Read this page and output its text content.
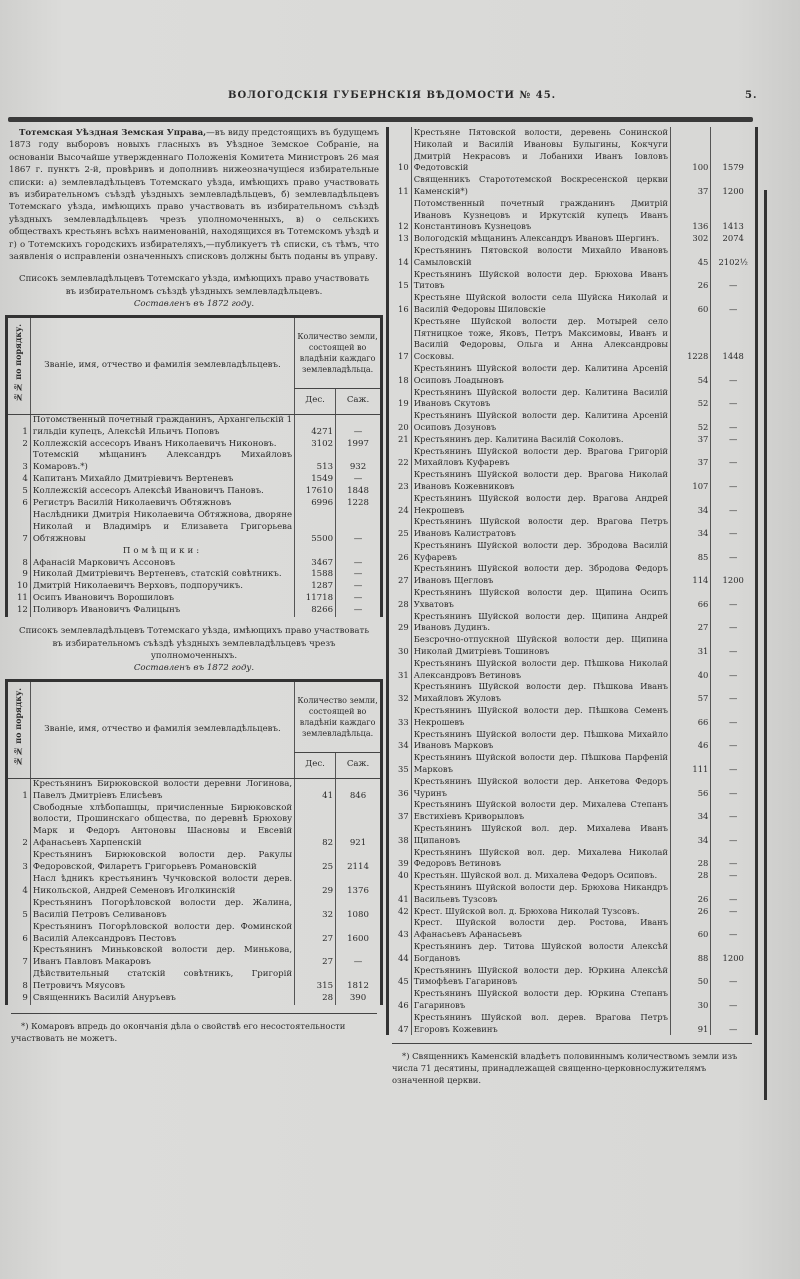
ВОЛОГОДСКІЯ ГУБЕРНСКІЯ ВѢДОМОСТИ № 45.	5.
Тотемская Уѣздная Земская Управа,—въ виду предстоящихъ въ будущемъ 1873 году выборовъ новыхъ гласныхъ въ Уѣздное Земское Собраніе, на основаніи Высочайше утвержденнаго Положенія Комитета Министровъ 26 мая 1867 г. пунктъ 2-й, провѣривъ и дополнивъ нижеозначущіеся избирательные списки: а) землевладѣльцевъ Тотемскаго уѣзда, имѣющихъ право участвовать въ избирательномъ съѣздѣ уѣздныхъ землевладѣльцевъ, б) землевладѣльцевъ Тотемскаго уѣзда, имѣющихъ право участвовать въ избирательномъ съѣздѣ уѣздныхъ землевладѣльцевъ чрезъ уполномоченныхъ, в) о сельскихъ обществахъ крестьянъ всѣхъ наименованій, находящихся въ Тотемскомъ уѣздѣ и г) о Тотемскихъ городскихъ избирателяхъ,—публикуетъ тѣ списки, съ тѣмъ, что заявленія о исправленіи означенныхъ списковъ должны быть поданы въ управу.
Списокъ землевладѣльцевъ Тотемскаго уѣзда, имѣющихъ право участвовать въ избирательномъ съѣздѣ уѣздныхъ землевладѣльцевъ.
Составленъ въ 1872 году.
№№ по порядку.	Званіе, имя, отчество и фамилія землевладѣльцевъ.	Количество земли, состоящей во владѣніи каждаго землевладѣльца.	
		Дес.	Саж.
1	Потомственный почетный гражданинъ, Архангельскій 1 гильдіи купецъ, Алексѣй Ильичъ Поповъ	4271	—
2	Коллежскій ассесоръ Иванъ Николаевичъ Никоновъ.	3102	1997
3	Тотемскій мѣщанинъ Александръ Михайловъ Комаровъ.*)	513	932
4	Капитанъ Михайло Дмитріевичъ Вертеневъ	1549	—
5	Коллежскій ассесоръ Алексѣй Ивановичъ Пановъ.	17610	1848
6	Регистръ Василій Николаевичъ Обтяжновъ	6996	1228
7	Наслѣдники Дмитрія Николаевича Обтяжнова, дворяне Николай и Владиміръ и Елизавета Григорьева Обтяжновы	5500	—
	Помѣщики:		
8	Афанасій Марковичъ Ассоновъ	3467	—
9	Николай Дмитріевичъ Вертеневъ, статскій совѣтникъ.	1588	—
10	Дмитрій Николаевичъ Верховъ, подпоручикъ.	1287	—
11	Осипъ Ивановичъ Ворошиловъ	11718	—
12	Поливоръ Ивановичъ Фалицынъ	8266	—
Списокъ землевладѣльцевъ Тотемскаго уѣзда, имѣющихъ право участвовать въ избирательномъ съѣздѣ уѣздныхъ землевладѣльцевъ чрезъ уполномоченныхъ.
Составленъ въ 1872 году.
№№ по порядку.	Званіе, имя, отчество и фамилія землевладѣльцевъ.	Количество земли, состоящей во владѣніи каждаго землевладѣльца.	
		Дес.	Саж.
1	Крестьянинъ Бирюковской волости деревни Логинова, Павелъ Дмитріевъ Елисѣевъ	41	846
2	Свободные хлѣбопашцы, причисленные Бирюковской волости, Прошинскаго общества, по деревнѣ Брюхову Марк и Федоръ Антоновы Шасновы и Евсевій Афанасьевъ Харпенскій	82	921
3	Крестьянинъ Бирюковской волости дер. Ракулы Федоровской, Филаретъ Григорьевъ Романовскій	25	2114
4	Насл ѣдникъ крестьянинъ Чучковской волости дерев. Никольской, Андрей Семеновъ Иголкинскій	29	1376
5	Крестьянинъ Погорѣловской волости дер. Жалина, Василій Петровъ Селивановъ	32	1080
6	Крестьянинъ Погорѣловской волости дер. Фоминской Василій Александровъ Пестовъ	27	1600
7	Крестьянинъ Миньковской волости дер. Минькова, Иванъ Павловъ Макаровъ	27	—
8	Дѣйствительный статскій совѣтникъ, Григорій Петровичъ Мяусовъ	315	1812
9	Священникъ Василій Ануръевъ	28	390
*) Комаровъ впредь до окончанія дѣла о свойствѣ его несостоятельности участвовать не можетъ.
10	Крестьяне Пятовской волости, деревень Сонинской Николай и Василій Ивановы Булыгины, Кокчуги Дмитрій Некрасовъ и Лобанихи Иванъ Іовловъ Федотовскій	100	1579
11	Священникъ Старототемской Воскресенской церкви Каменскій*)	37	1200
12	Потомственный почетный гражданинъ Дмитрій Ивановъ Кузнецовъ и Иркутскій купецъ Иванъ Константиновъ Кузнецовъ	136	1413
13	Вологодскій мѣщанинъ Александръ Ивановъ Шергинъ.	302	2074
14	Крестьянинъ Пятовской волости Михайло Ивановъ Самыловскій	45	2102½
15	Крестьянинъ Шуйской волости дер. Брюхова Иванъ Титовъ	26	—
16	Крестьяне Шуйской волости села Шуйска Николай и Василій Федоровы Шиловскіе	60	—
17	Крестьяне Шуйской волости дер. Мотырей село Пятницкое тоже, Яковъ, Петръ Максимовы, Иванъ и Василій Федоровы, Ольга и Анна Александровы Сосковы.	1228	1448
18	Крестьянинъ Шуйской волости дер. Калитина Арсеній Осиповъ Лоадыновъ	54	—
19	Крестьянинъ Шуйской волости дер. Калитина Василій Ивановъ Скутовъ	52	—
20	Крестьянинъ Шуйской волости дер. Калитина Арсеній Осиповъ Дозуновъ	52	—
21	Крестьянинъ дер. Калитина Василій Соколовъ.	37	—
22	Крестьянинъ Шуйской волости дер. Врагова Григорій Михайловъ Куфаревъ	37	—
23	Крестьянинъ Шуйской волости дер. Врагова Николай Ивановъ Кожевниковъ	107	—
24	Крестьянинъ Шуйской волости дер. Врагова Андрей Некрошевъ	34	—
25	Крестьянинъ Шуйской волости дер. Врагова Петръ Ивановъ Калистратовъ	34	—
26	Крестьянинъ Шуйской волости дер. Збродова Василій Куфаревъ	85	—
27	Крестьянинъ Шуйской волости дер. Збродова Федоръ Ивановъ Щегловъ	114	1200
28	Крестьянинъ Шуйской волости дер. Щипина Осипъ Ухватовъ	66	—
29	Крестьянинъ Шуйской волости дер. Щипина Андрей Ивановъ Дудинъ.	27	—
30	Безсрочно-отпускной Шуйской волости дер. Щипина Николай Дмитріевъ Тошиновъ	31	—
31	Крестьянинъ Шуйской волости дер. Пѣшкова Николай Александровъ Ветиновъ	40	—
32	Крестьянинъ Шуйской волости дер. Пѣшкова Иванъ Михайловъ Жуловъ	57	—
33	Крестьянинъ Шуйской волости дер. Пѣшкова Семенъ Некрошевъ	66	—
34	Крестьянинъ Шуйской волости дер. Пѣшкова Михайло Ивановъ Марковъ	46	—
35	Крестьянинъ Шуйской волости дер. Пѣшкова Парфеній Марковъ	111	—
36	Крестьянинъ Шуйской волости дер. Анкетова Федоръ Чуринъ	56	—
37	Крестьянинъ Шуйской волости дер. Михалева Степанъ Евстихіевъ Криворыловъ	34	—
38	Крестьянинъ Шуйской вол. дер. Михалева Иванъ Щипановъ	34	—
39	Крестьянинъ Шуйской вол. дер. Михалева Николай Федоровъ Ветиновъ	28	—
40	Крестьян. Шуйской вол. д. Михалева Федоръ Осиповъ.	28	—
41	Крестьянинъ Шуйской волости дер. Брюхова Никандръ Васильевъ Тузсовъ	26	—
42	Крест. Шуйской вол. д. Брюхова Николай Тузсовъ.	26	—
43	Крест. Шуйской волости дер. Ростова, Иванъ Афанасьевъ Афанасьевъ	60	—
44	Крестьянинъ дер. Титова Шуйской волости Алексѣй Богдановъ	88	1200
45	Крестьянинъ Шуйской волости дер. Юркина Алексѣй Тимофѣевъ Гагариновъ	50	—
46	Крестьянинъ Шуйской волости дер. Юркина Степанъ Гагариновъ	30	—
47	Крестьянинъ Шуйской вол. дерев. Врагова Петръ Егоровъ Кожевинъ	91	—
*) Священникъ Каменскій владѣетъ половиннымъ количествомъ земли изъ числа 71 десятины, принадлежащей священно-церковнослужителямъ означенной церкви.
